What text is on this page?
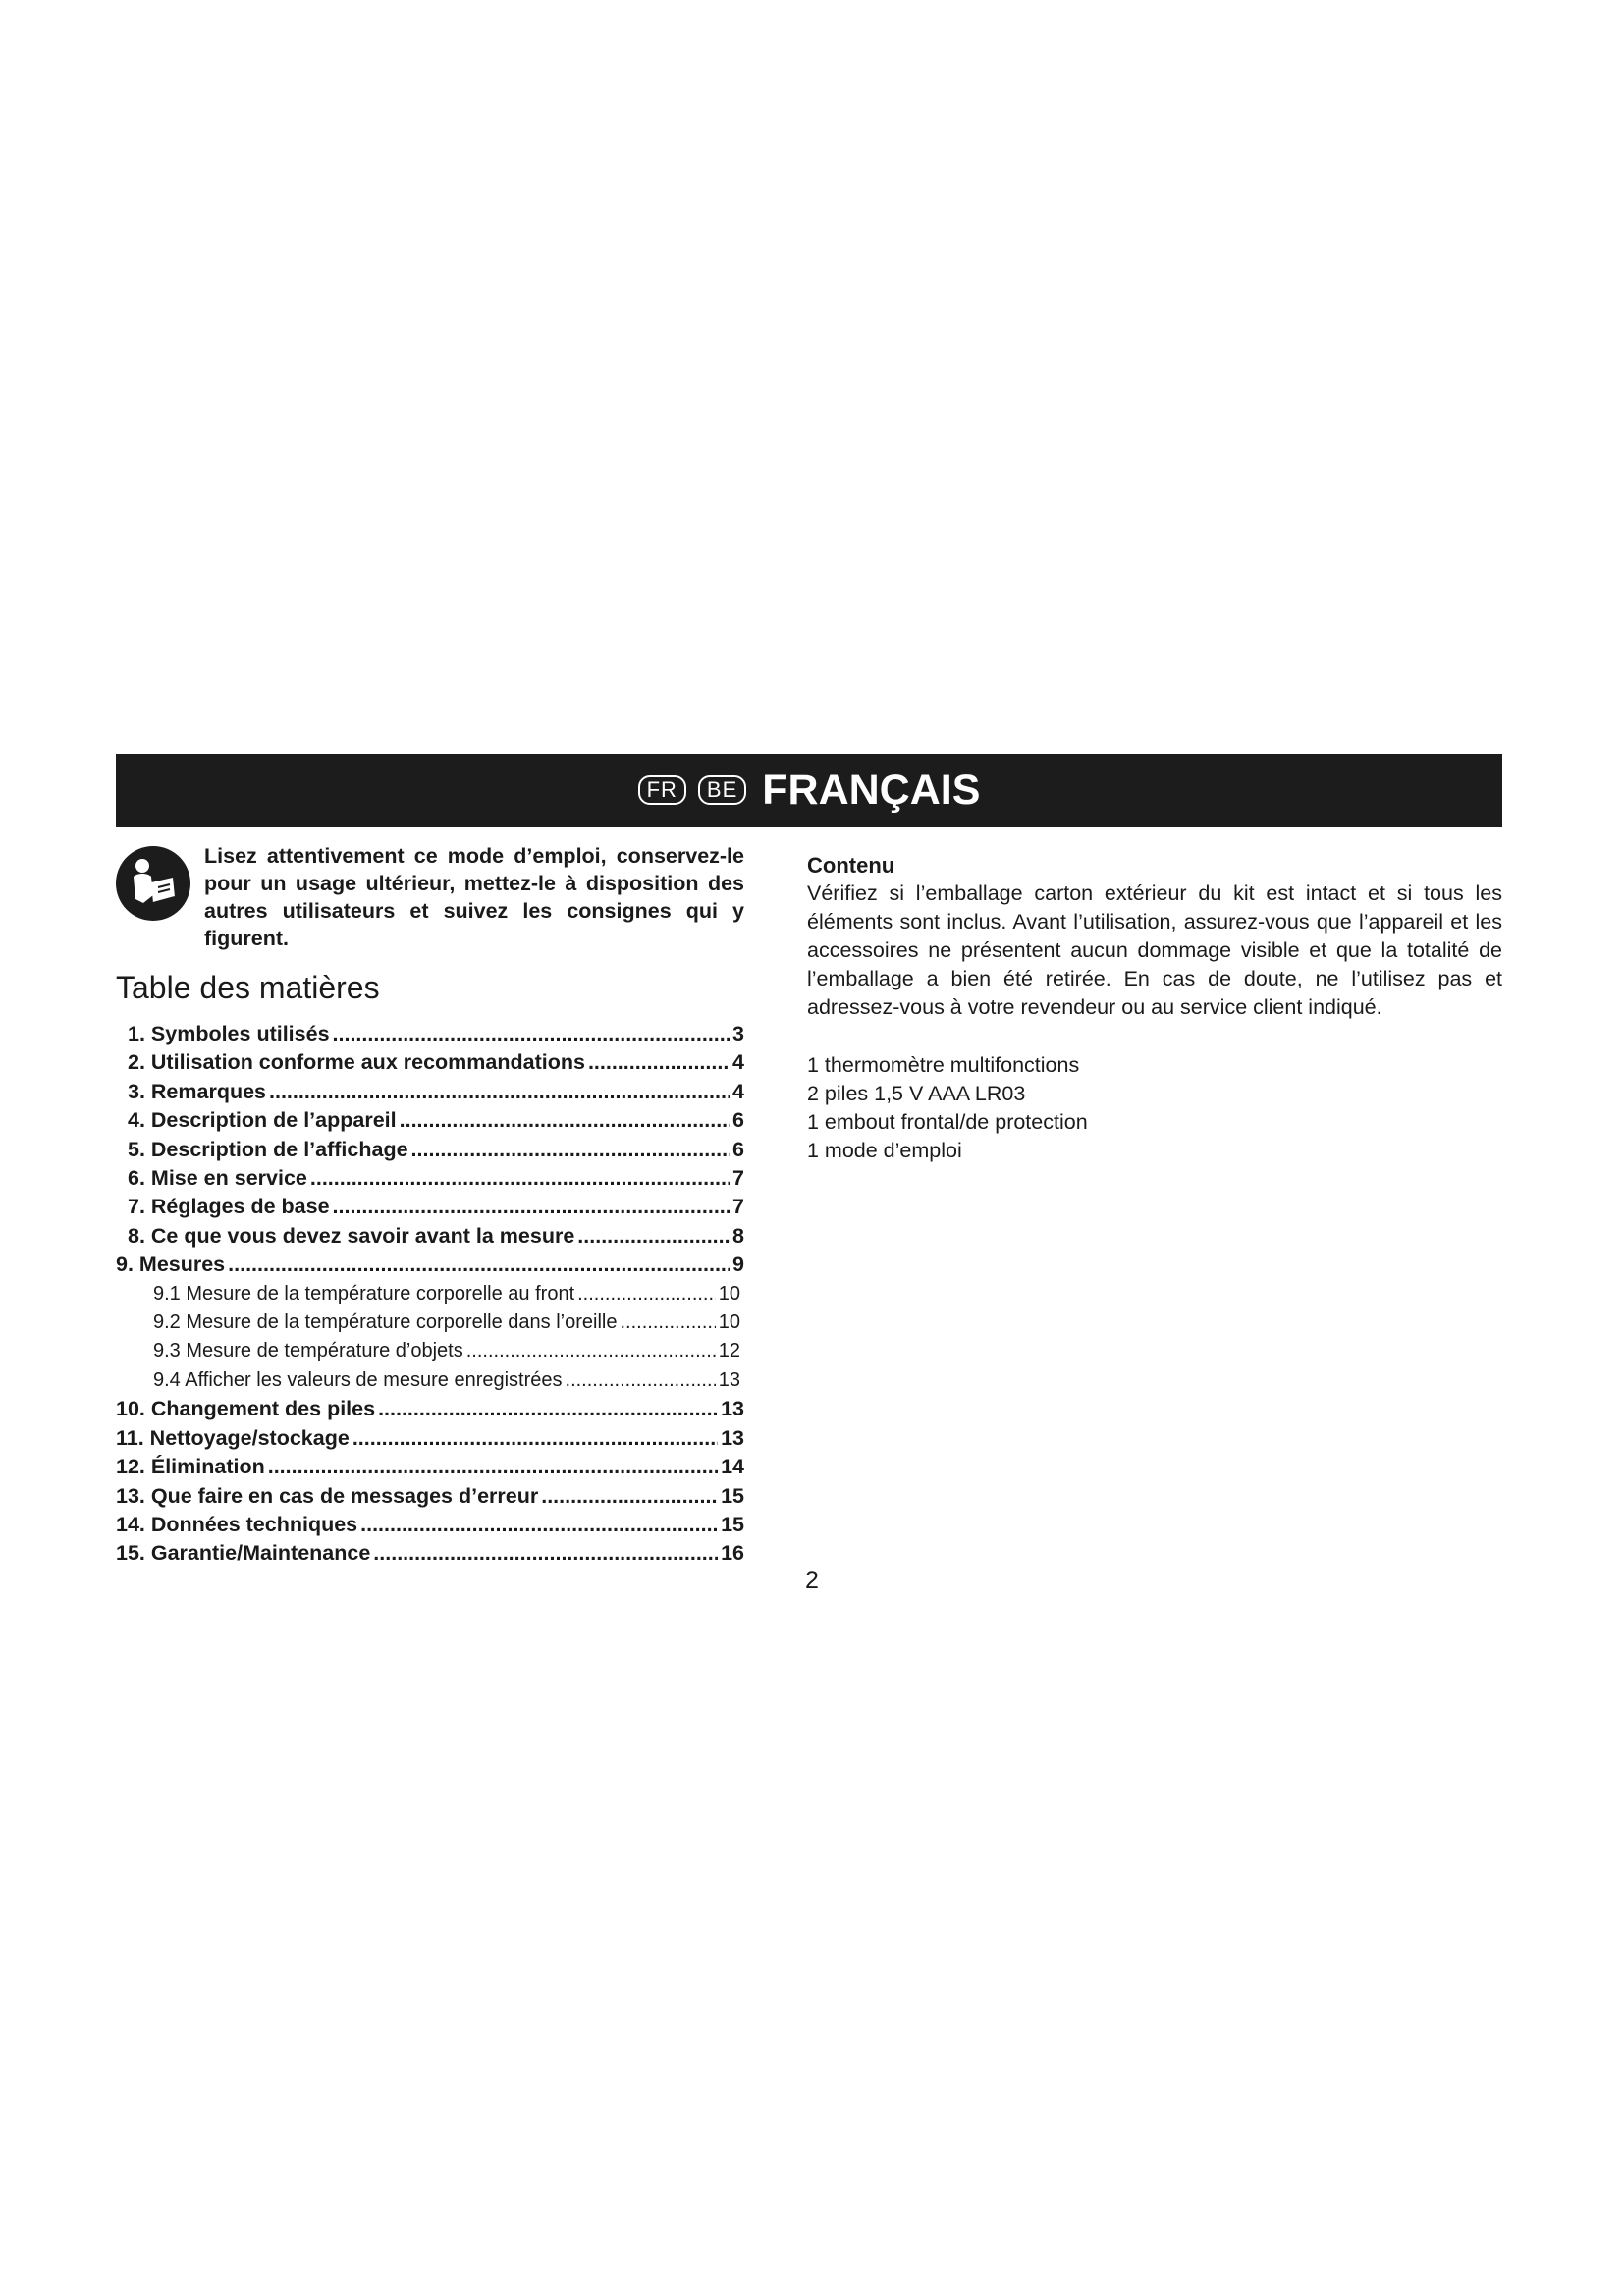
FR	BE FRANÇAIS
Lisez attentivement ce mode d’emploi, conservez-le pour un usage ultérieur, mettez-le à disposition des autres utilisateurs et suivez les consignes qui y figurent.
Table des matières
1. Symboles utilisés .....	3
2. Utilisation conforme aux recommandations .....	4
3. Remarques .....	4
4. Description de l’appareil .....	6
5. Description de l’affichage .....	6
6. Mise en service .....	7
7. Réglages de base .....	7
8. Ce que vous devez savoir avant la mesure .....	8
9. Mesures .....	9
9.1 Mesure de la température corporelle au front .....	10
9.2 Mesure de la température corporelle dans l’oreille .....	10
9.3 Mesure de température d’objets .....	12
9.4 Afficher les valeurs de mesure enregistrées .....	13
10. Changement des piles .....	13
11. Nettoyage/stockage .....	13
12. Élimination .....	14
13. Que faire en cas de messages d’erreur .....	15
14. Données techniques .....	15
15. Garantie/Maintenance .....	16
Contenu

Vérifiez si l’emballage carton extérieur du kit est intact et si tous les éléments sont inclus. Avant l’utilisation, assurez-vous que l’appareil et les accessoires ne présentent aucun dommage visible et que la totalité de l’emballage a bien été retirée. En cas de doute, ne l’utilisez pas et adressez-vous à votre revendeur ou au service client indiqué.

1 thermomètre multifonctions
2 piles 1,5 V AAA LR03
1 embout frontal/de protection
1 mode d’emploi
2
